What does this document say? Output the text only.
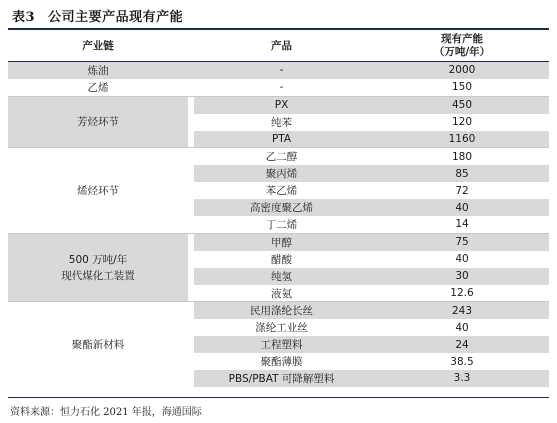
表3 公司主要产品现有产能
产业链	产品
现有产能
（万吨/年）
炼油		-		2000
乙烯		-		150
芳烃环节		PX		450
		纯苯		120
		PTA		1160
烯烃环节		乙二醇		180
		聚丙烯		85
		苯乙烯		72
		高密度聚乙烯		40
		丁二烯		14
500 万吨/年
现代煤化工装置		甲醇		75
		醋酸		40
		纯氢		30
		液氨		12.6
聚酯新材料		民用涤纶长丝		243
		涤纶工业丝		40
		工程塑料		24
		聚酯薄膜		38.5
		PBS/PBAT 可降解塑料		3.3
资料来源：恒力石化 2021 年报，海通国际
